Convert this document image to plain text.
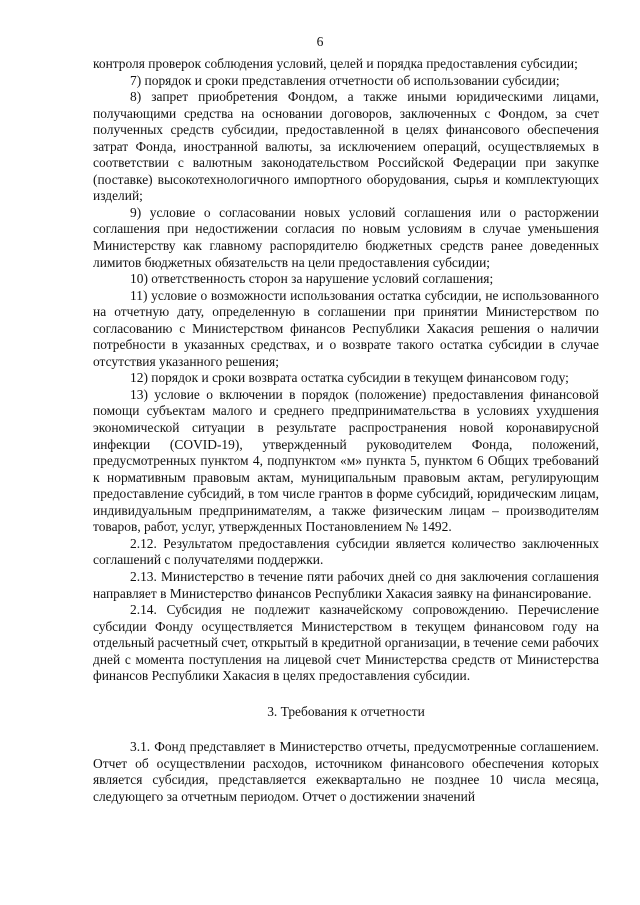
6

контроля проверок соблюдения условий, целей и порядка предоставления субсидии;

7) порядок и сроки представления отчетности об использовании субсидии;

8) запрет приобретения Фондом, а также иными юридическими лицами, получающими средства на основании договоров, заключенных с Фондом, за счет полученных средств субсидии, предоставленной в целях финансового обеспечения затрат Фонда, иностранной валюты, за исключением операций, осуществляемых в соответствии с валютным законодательством Российской Федерации при закупке (поставке) высокотехнологичного импортного оборудования, сырья и комплектующих изделий;

9) условие о согласовании новых условий соглашения или о расторжении соглашения при недостижении согласия по новым условиям в случае уменьшения Министерству как главному распорядителю бюджетных средств ранее доведенных лимитов бюджетных обязательств на цели предоставления субсидии;

10) ответственность сторон за нарушение условий соглашения;

11) условие о возможности использования остатка субсидии, не использованного на отчетную дату, определенную в соглашении при принятии Министерством по согласованию с Министерством финансов Республики Хакасия решения о наличии потребности в указанных средствах, и о возврате такого остатка субсидии в случае отсутствия указанного решения;

12) порядок и сроки возврата остатка субсидии в текущем финансовом году;

13) условие о включении в порядок (положение) предоставления финансовой помощи субъектам малого и среднего предпринимательства в условиях ухудшения экономической ситуации в результате распространения новой коронавирусной инфекции (COVID-19), утвержденный руководителем Фонда, положений, предусмотренных пунктом 4, подпунктом «м» пункта 5, пунктом 6 Общих требований к нормативным правовым актам, муниципальным правовым актам, регулирующим предоставление субсидий, в том числе грантов в форме субсидий, юридическим лицам, индивидуальным предпринимателям, а также физическим лицам – производителям товаров, работ, услуг, утвержденных Постановлением № 1492.

2.12. Результатом предоставления субсидии является количество заключенных соглашений с получателями поддержки.

2.13. Министерство в течение пяти рабочих дней со дня заключения соглашения направляет в Министерство финансов Республики Хакасия заявку на финансирование.

2.14. Субсидия не подлежит казначейскому сопровождению. Перечисление субсидии Фонду осуществляется Министерством в текущем финансовом году на отдельный расчетный счет, открытый в кредитной организации, в течение семи рабочих дней с момента поступления на лицевой счет Министерства средств от Министерства финансов Республики Хакасия в целях предоставления субсидии.

3. Требования к отчетности

3.1. Фонд представляет в Министерство отчеты, предусмотренные соглашением. Отчет об осуществлении расходов, источником финансового обеспечения которых является субсидия, представляется ежеквартально не позднее 10 числа месяца, следующего за отчетным периодом. Отчет о достижении значений
